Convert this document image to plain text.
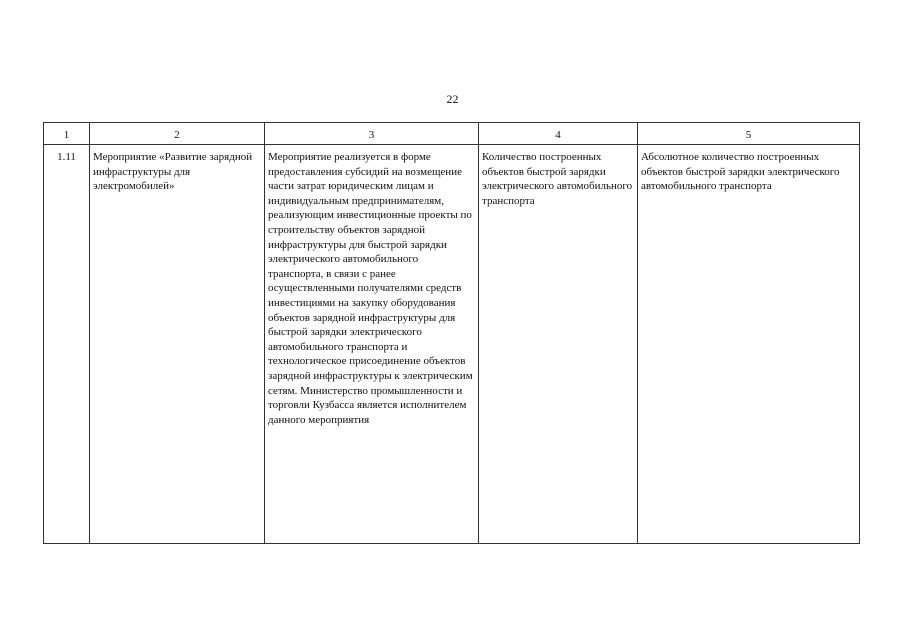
22
1	2	3	4	5
1.11	Мероприятие «Развитие зарядной инфраструктуры для электромобилей»	Мероприятие реализуется в форме предоставления субсидий на возмещение части затрат юридическим лицам и индивидуальным предпринимателям, реализующим инвестиционные проекты по строительству объектов зарядной инфраструктуры для быстрой зарядки электрического автомобильного транспорта, в связи с ранее осуществленными получателями средств инвестициями на закупку оборудования объектов зарядной инфраструктуры для быстрой зарядки электрического автомобильного транспорта и технологическое присоединение объектов зарядной инфраструктуры к электрическим сетям. Министерство промышленности и торговли Кузбасса является исполнителем данного мероприятия	Количество построенных объектов быстрой зарядки электрического автомобильного транспорта	Абсолютное количество построенных объектов быстрой зарядки электрического автомобильного транспорта
